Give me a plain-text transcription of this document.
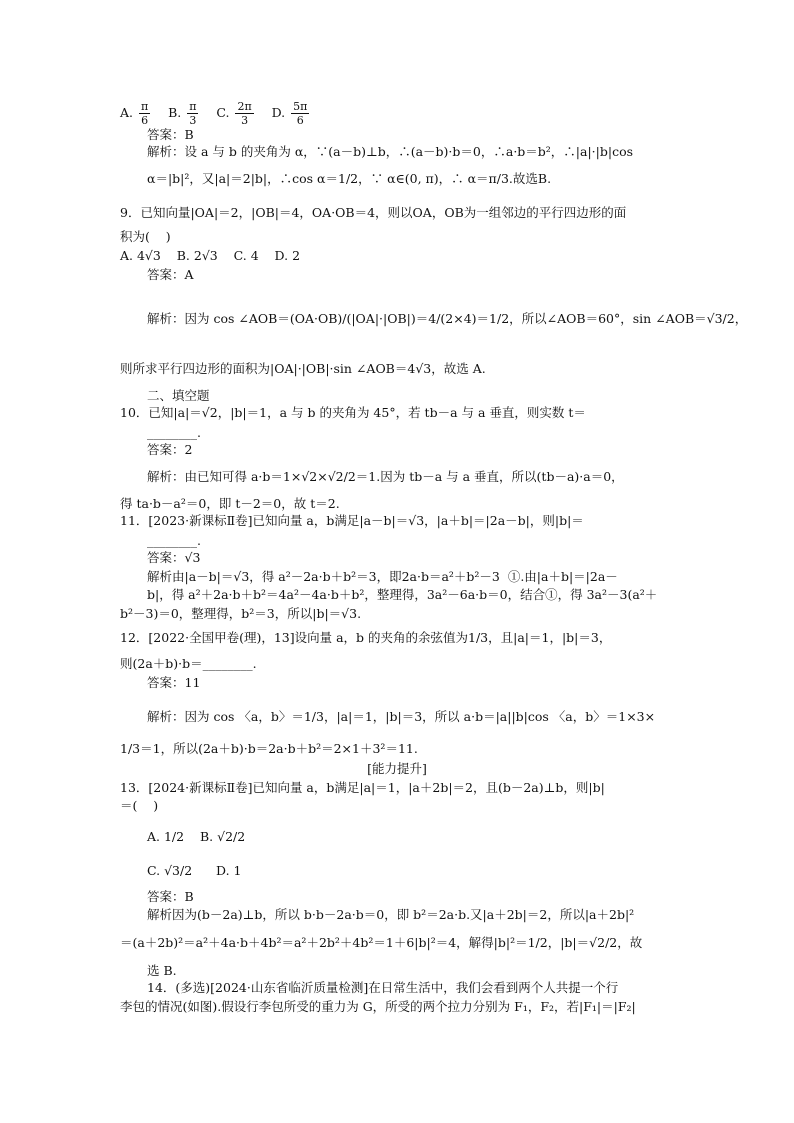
A. $\frac{\pi}{6} B$. $\frac{\pi}{3} C$. $\frac{2\pi}{3} D$. $\frac{5\pi}{6}$
答案：B
解析：设 a 与 b 的夹角为 α，∵(a－b)⊥b，∴(a－b)·b＝0，∴a·b＝b²，∴|a|·|b|cos
α＝|b|²，又|a|＝2|b|，∴cos α＝1/2，∵ α∈(0, π)，∴ α＝π/3.故选B.
9．已知向量|OA|＝2，|OB|＝4，OA·OB＝4，则以OA，OB为一组邻边的平行四边形的面
积为(    )
A. 4√3    B. 2√3    C. 4    D. 2
答案：A
解析：因为 cos ∠AOB＝(OA·OB)/(|OA|·|OB|)＝4/(2×4)＝1/2，所以∠AOB＝60°，sin ∠AOB＝√3/2，
则所求平行四边形的面积为|OA|·|OB|·sin ∠AOB＝4√3，故选 A.
二、填空题
10．已知|a|＝√2，|b|＝1，a 与 b 的夹角为 45°，若 tb－a 与 a 垂直，则实数 t＝
________.
答案：2
解析：由已知可得 a·b＝1×√2×√2/2＝1.因为 tb－a 与 a 垂直，所以(tb－a)·a＝0，
得 ta·b－a²＝0，即 t－2＝0，故 t＝2.
11．[2023·新课标Ⅱ卷]已知向量 a，b满足|a－b|＝√3，|a＋b|＝|2a－b|，则|b|＝
________.
答案：√3
解析由|a－b|＝√3，得 a²－2a·b＋b²＝3，即2a·b＝a²＋b²－3  ①.由|a＋b|＝|2a－
b|，得 a²＋2a·b＋b²＝4a²－4a·b＋b²，整理得，3a²－6a·b＝0，结合①，得 3a²－3(a²＋
b²－3)＝0，整理得，b²＝3，所以|b|＝√3.
12．[2022·全国甲卷(理)，13]设向量 a，b 的夹角的余弦值为1/3，且|a|＝1，|b|＝3，
则(2a＋b)·b＝________.
答案：11
解析：因为 cos 〈a，b〉＝1/3，|a|＝1，|b|＝3，所以 a·b＝|a||b|cos 〈a，b〉＝1×3×
1/3＝1，所以(2a＋b)·b＝2a·b＋b²＝2×1＋3²＝11.
[能力提升]
13．[2024·新课标Ⅱ卷]已知向量 a，b满足|a|＝1，|a＋2b|＝2，且(b－2a)⊥b，则|b|
＝(    )
A. 1/2    B. √2/2
C. √3/2      D. 1
答案：B
解析因为(b－2a)⊥b，所以 b·b－2a·b＝0，即 b²＝2a·b.又|a＋2b|＝2，所以|a＋2b|²
＝(a＋2b)²＝a²＋4a·b＋4b²＝a²＋2b²＋4b²＝1＋6|b|²＝4，解得|b|²＝1/2，|b|＝√2/2，故
选 B.
14．(多选)[2024·山东省临沂质量检测]在日常生活中，我们会看到两个人共提一个行
李包的情况(如图).假设行李包所受的重力为 G，所受的两个拉力分别为 F₁，F₂，若|F₁|＝|F₂|
